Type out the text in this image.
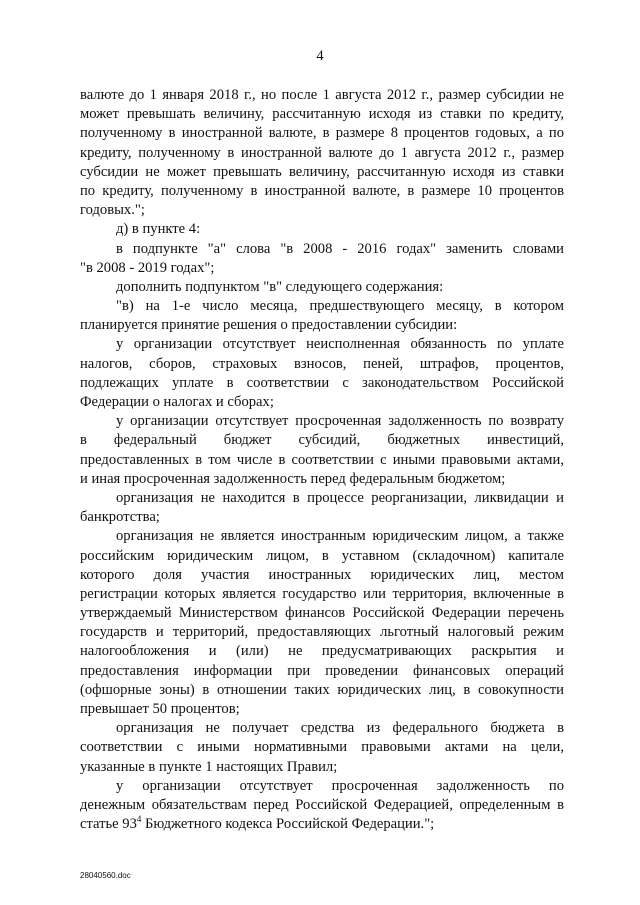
4
валюте до 1 января 2018 г., но после 1 августа 2012 г., размер субсидии не
может превышать величину, рассчитанную исходя из ставки по кредиту,
полученному в иностранной валюте, в размере 8 процентов годовых, а по
кредиту, полученному в иностранной валюте до 1 августа 2012 г., размер
субсидии не может превышать величину, рассчитанную исходя из ставки
по кредиту, полученному в иностранной валюте, в размере 10 процентов
годовых.";
д) в пункте 4:
в подпункте "а" слова "в 2008 - 2016 годах" заменить словами
"в 2008 - 2019 годах";
дополнить подпунктом "в" следующего содержания:
"в) на 1-е число месяца, предшествующего месяцу, в котором
планируется принятие решения о предоставлении субсидии:
у организации отсутствует неисполненная обязанность по уплате
налогов, сборов, страховых взносов, пеней, штрафов, процентов,
подлежащих уплате в соответствии с законодательством Российской
Федерации о налогах и сборах;
у организации отсутствует просроченная задолженность по возврату
в федеральный бюджет субсидий, бюджетных инвестиций,
предоставленных в том числе в соответствии с иными правовыми актами,
и иная просроченная задолженность перед федеральным бюджетом;
организация не находится в процессе реорганизации, ликвидации и
банкротства;
организация не является иностранным юридическим лицом, а также
российским юридическим лицом, в уставном (складочном) капитале
которого доля участия иностранных юридических лиц, местом
регистрации которых является государство или территория, включенные в
утверждаемый Министерством финансов Российской Федерации перечень
государств и территорий, предоставляющих льготный налоговый режим
налогообложения и (или) не предусматривающих раскрытия и
предоставления информации при проведении финансовых операций
(офшорные зоны) в отношении таких юридических лиц, в совокупности
превышает 50 процентов;
организация не получает средства из федерального бюджета в
соответствии с иными нормативными правовыми актами на цели,
указанные в пункте 1 настоящих Правил;
у организации отсутствует просроченная задолженность по
денежным обязательствам перед Российской Федерацией, определенным в
статье $93^4$ Бюджетного кодекса Российской Федерации.";
28040560.doc
